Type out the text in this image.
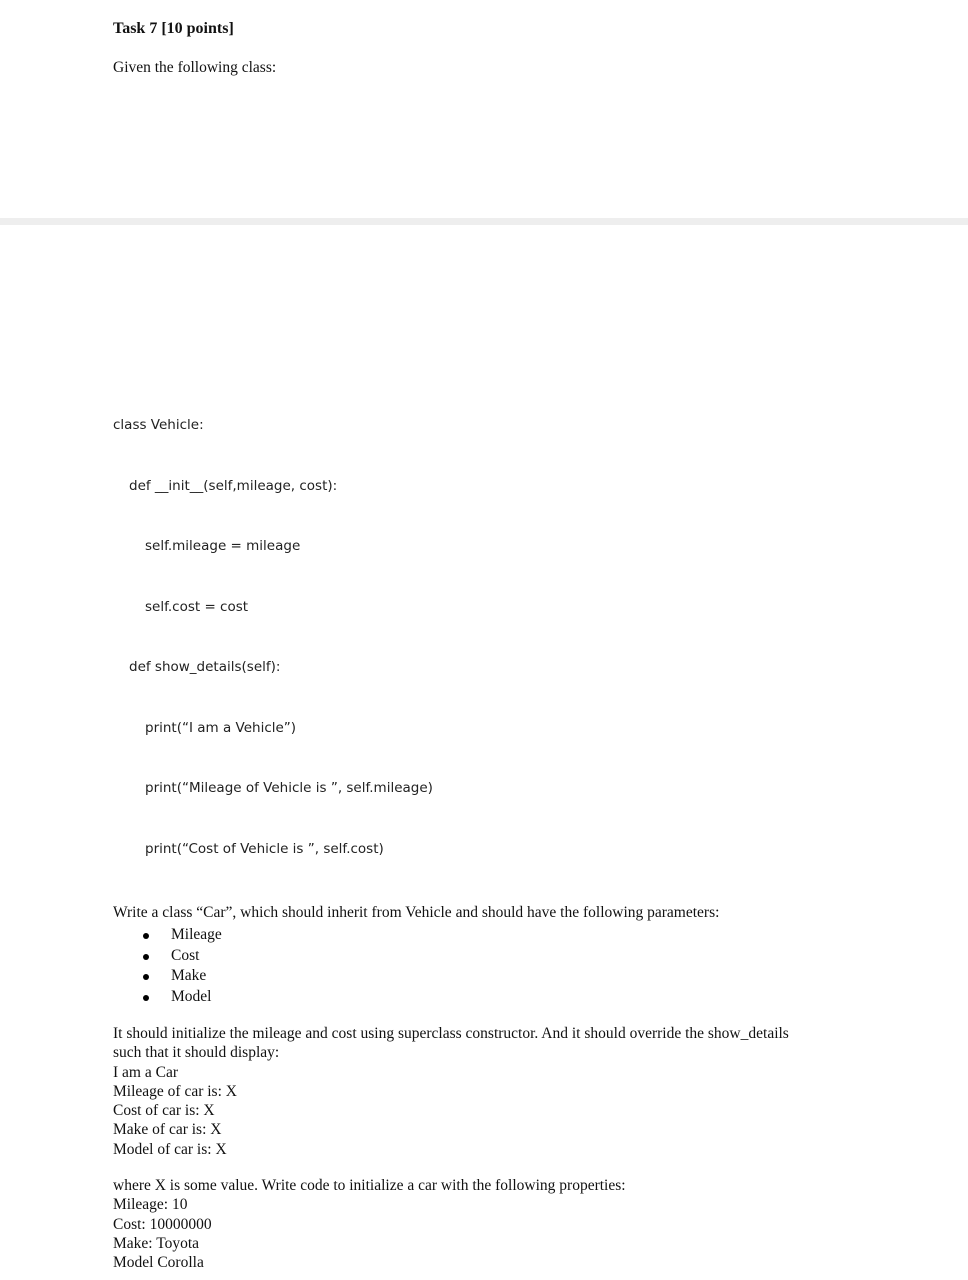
Task 7 [10 points]
Given the following class:
class Vehicle:
def __init__(self,mileage, cost):
self.mileage = mileage
self.cost = cost
def show_details(self):
print(“I am a Vehicle”)
print(“Mileage of Vehicle is ”, self.mileage)
print(“Cost of Vehicle is ”, self.cost)
Write a class “Car”, which should inherit from Vehicle and should have the following parameters:
Mileage
Cost
Make
Model
It should initialize the mileage and cost using superclass constructor. And it should override the show_details
such that it should display:
I am a Car
Mileage of car is: X
Cost of car is: X
Make of car is: X
Model of car is: X
where X is some value. Write code to initialize a car with the following properties:
Mileage: 10
Cost: 10000000
Make: Toyota
Model Corolla
